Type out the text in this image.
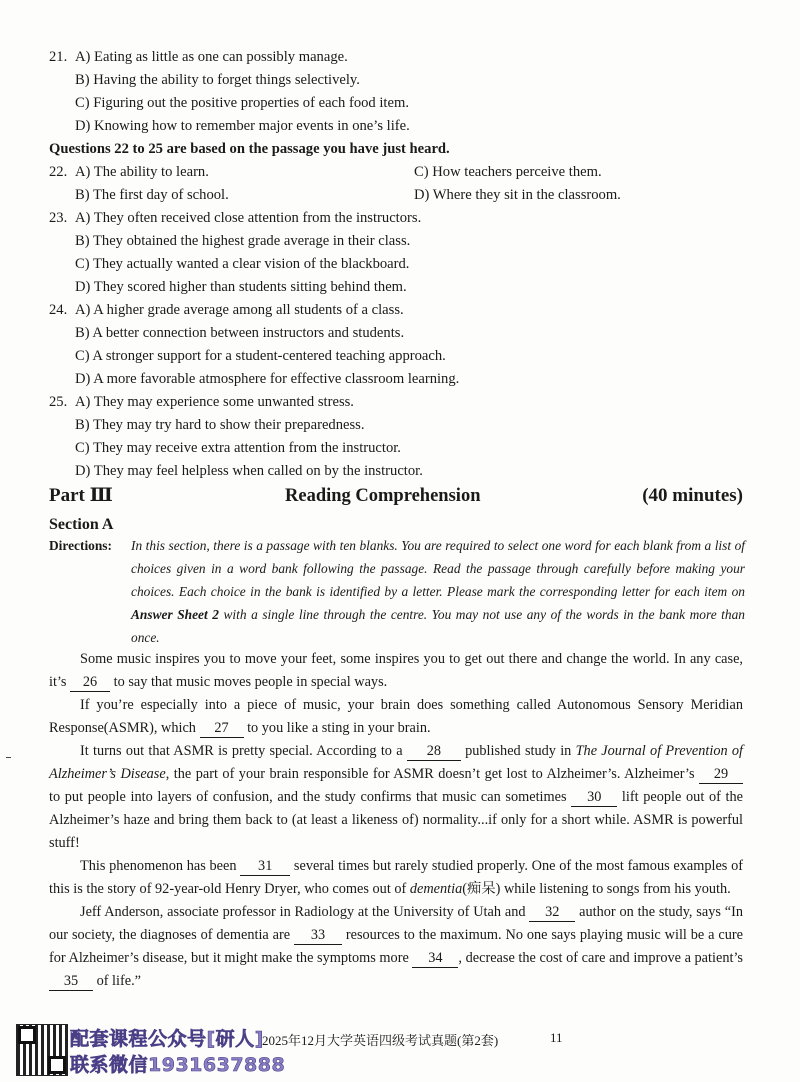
21. A) Eating as little as one can possibly manage.
B) Having the ability to forget things selectively.
C) Figuring out the positive properties of each food item.
D) Knowing how to remember major events in one’s life.
Questions 22 to 25 are based on the passage you have just heard.
22. A) The ability to learn.	C) How teachers perceive them.
B) The first day of school.	D) Where they sit in the classroom.
23. A) They often received close attention from the instructors.
B) They obtained the highest grade average in their class.
C) They actually wanted a clear vision of the blackboard.
D) They scored higher than students sitting behind them.
24. A) A higher grade average among all students of a class.
B) A better connection between instructors and students.
C) A stronger support for a student-centered teaching approach.
D) A more favorable atmosphere for effective classroom learning.
25. A) They may experience some unwanted stress.
B) They may try hard to show their preparedness.
C) They may receive extra attention from the instructor.
D) They may feel helpless when called on by the instructor.
Part Ⅲ	Reading Comprehension	(40 minutes)
Section A
Directions: In this section, there is a passage with ten blanks. You are required to select one word for each blank from a list of choices given in a word bank following the passage. Read the passage through carefully before making your choices. Each choice in the bank is identified by a letter. Please mark the corresponding letter for each item on Answer Sheet 2 with a single line through the centre. You may not use any of the words in the bank more than once.

Some music inspires you to move your feet, some inspires you to get out there and change the world. In any case, it’s 26 to say that music moves people in special ways.

If you’re especially into a piece of music, your brain does something called Autonomous Sensory Meridian Response(ASMR), which 27 to you like a sting in your brain.

It turns out that ASMR is pretty special. According to a 28 published study in The Journal of Prevention of Alzheimer’s Disease, the part of your brain responsible for ASMR doesn’t get lost to Alzheimer’s. Alzheimer’s 29 to put people into layers of confusion, and the study confirms that music can sometimes 30 lift people out of the Alzheimer’s haze and bring them back to (at least a likeness of) normality...if only for a short while. ASMR is powerful stuff!

This phenomenon has been 31 several times but rarely studied properly. One of the most famous examples of this is the story of 92-year-old Henry Dryer, who comes out of dementia(痴呆) while listening to songs from his youth.

Jeff Anderson, associate professor in Radiology at the University of Utah and 32 author on the study, says “In our society, the diagnoses of dementia are 33 resources to the maximum. No one says playing music will be a cure for Alzheimer’s disease, but it might make the symptoms more 34 , decrease the cost of care and improve a patient’s 35 of life.”

配套课程公众号[研人]
联系微信1931637888
2025年12月大学英语四级考试真题(第2套)	11
